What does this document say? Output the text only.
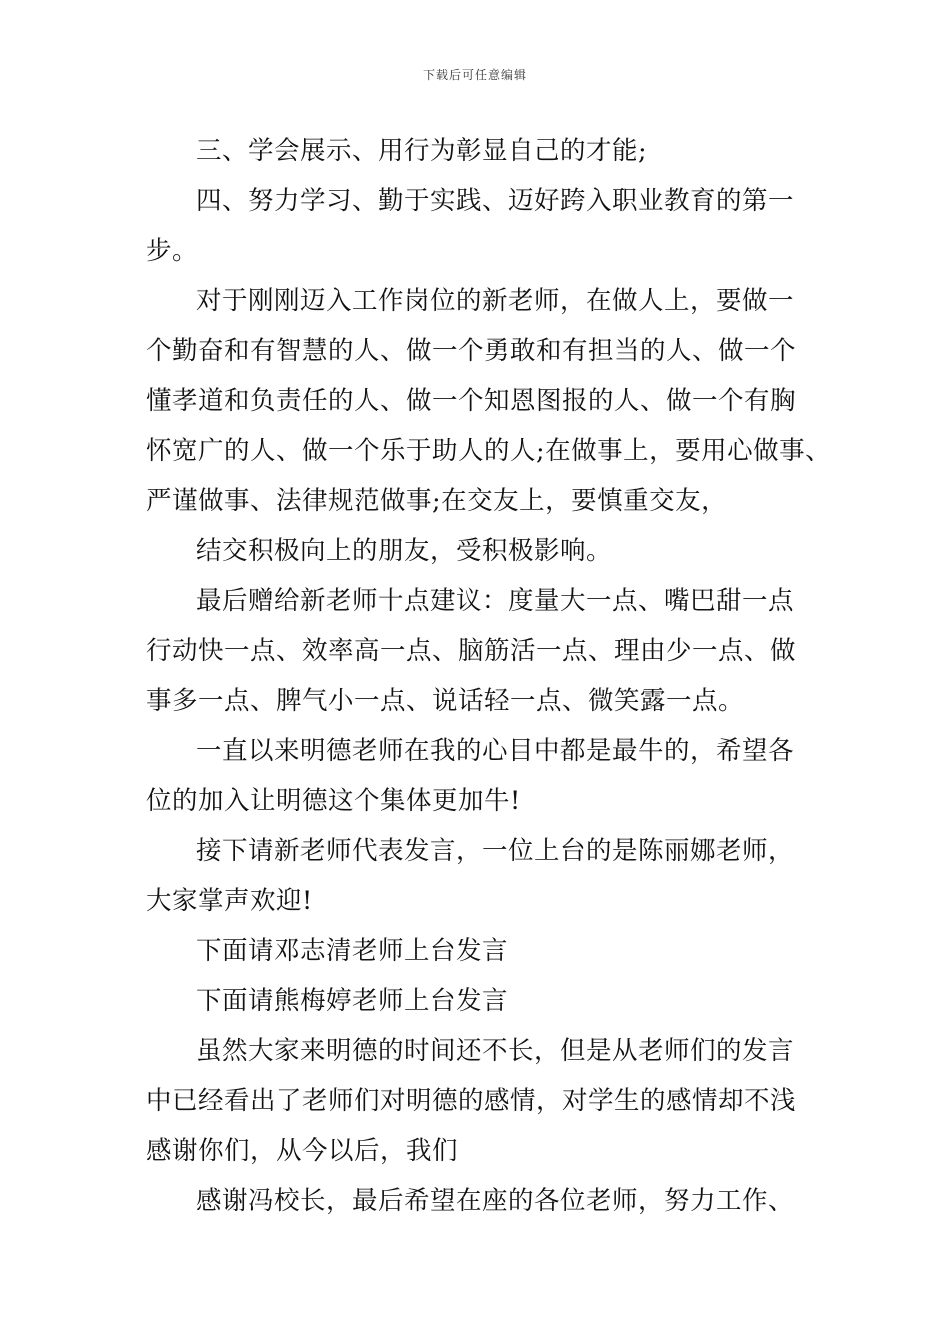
下载后可任意编辑
三、学会展示、用行为彰显自己的才能;
四、努力学习、勤于实践、迈好跨入职业教育的第一
步。
对于刚刚迈入工作岗位的新老师，在做人上，要做一
个勤奋和有智慧的人、做一个勇敢和有担当的人、做一个
懂孝道和负责任的人、做一个知恩图报的人、做一个有胸
怀宽广的人、做一个乐于助人的人;在做事上，要用心做事、
严谨做事、法律规范做事;在交友上，要慎重交友，
结交积极向上的朋友，受积极影响。
最后赠给新老师十点建议：度量大一点、嘴巴甜一点
行动快一点、效率高一点、脑筋活一点、理由少一点、做
事多一点、脾气小一点、说话轻一点、微笑露一点。
一直以来明德老师在我的心目中都是最牛的，希望各
位的加入让明德这个集体更加牛!
接下请新老师代表发言，一位上台的是陈丽娜老师，
大家掌声欢迎!
下面请邓志清老师上台发言
下面请熊梅婷老师上台发言
虽然大家来明德的时间还不长，但是从老师们的发言
中已经看出了老师们对明德的感情，对学生的感情却不浅
感谢你们，从今以后，我们
感谢冯校长，最后希望在座的各位老师，努力工作、
